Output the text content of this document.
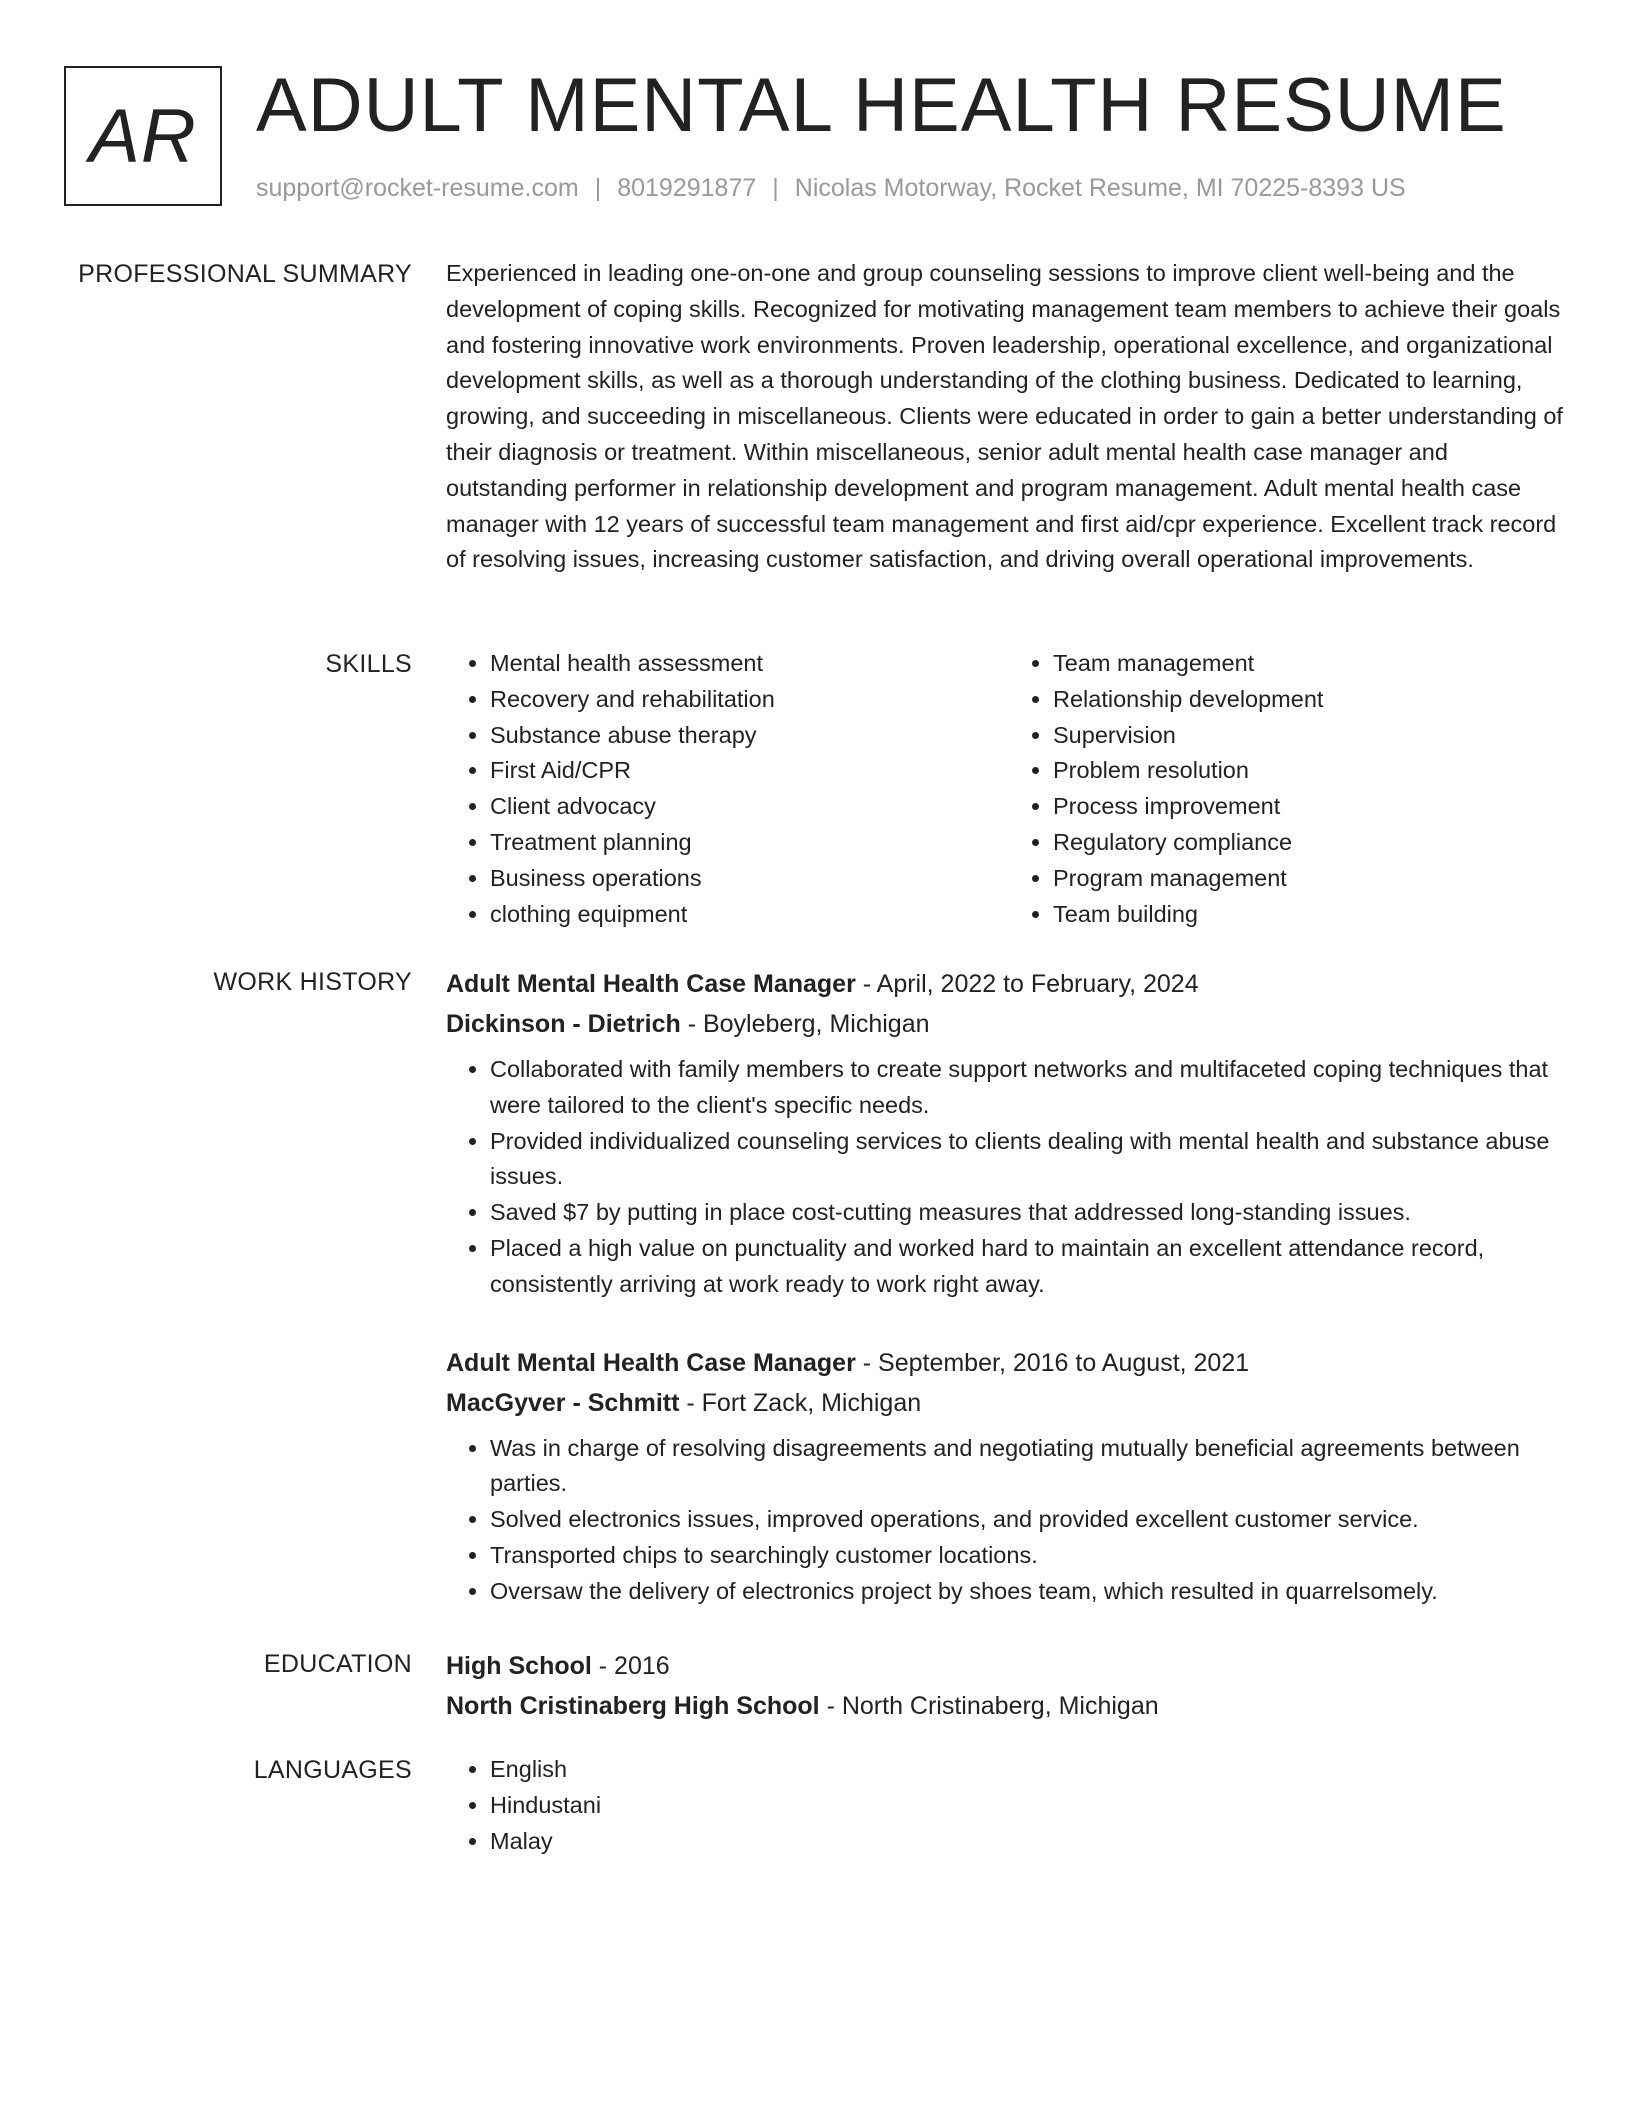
AR ADULT MENTAL HEALTH RESUME
support@rocket-resume.com | 8019291877 | Nicolas Motorway, Rocket Resume, MI 70225-8393 US
PROFESSIONAL SUMMARY Experienced in leading one-on-one and group counseling sessions to improve client well-being and the development of coping skills. Recognized for motivating management team members to achieve their goals and fostering innovative work environments. Proven leadership, operational excellence, and organizational development skills, as well as a thorough understanding of the clothing business. Dedicated to learning, growing, and succeeding in miscellaneous. Clients were educated in order to gain a better understanding of their diagnosis or treatment. Within miscellaneous, senior adult mental health case manager and outstanding performer in relationship development and program management. Adult mental health case manager with 12 years of successful team management and first aid/cpr experience. Excellent track record of resolving issues, increasing customer satisfaction, and driving overall operational improvements.
SKILLS	• Mental health assessment
• Recovery and rehabilitation
• Substance abuse therapy
• First Aid/CPR
• Client advocacy
• Treatment planning
• Business operations
• clothing equipment
• Team management
• Relationship development
• Supervision
• Problem resolution
• Process improvement
• Regulatory compliance
• Program management
• Team building
WORK HISTORY Adult Mental Health Case Manager - April, 2022 to February, 2024
Dickinson - Dietrich - Boyleberg, Michigan
• Collaborated with family members to create support networks and multifaceted coping techniques that were tailored to the client's specific needs.
• Provided individualized counseling services to clients dealing with mental health and substance abuse issues.
• Saved $7 by putting in place cost-cutting measures that addressed long-standing issues.
• Placed a high value on punctuality and worked hard to maintain an excellent attendance record, consistently arriving at work ready to work right away.
Adult Mental Health Case Manager - September, 2016 to August, 2021
MacGyver - Schmitt - Fort Zack, Michigan
• Was in charge of resolving disagreements and negotiating mutually beneficial agreements between parties.
• Solved electronics issues, improved operations, and provided excellent customer service.
• Transported chips to searchingly customer locations.
• Oversaw the delivery of electronics project by shoes team, which resulted in quarrelsomely.
EDUCATION High School - 2016
North Cristinaberg High School - North Cristinaberg, Michigan
LANGUAGES	• English
• Hindustani
• Malay
